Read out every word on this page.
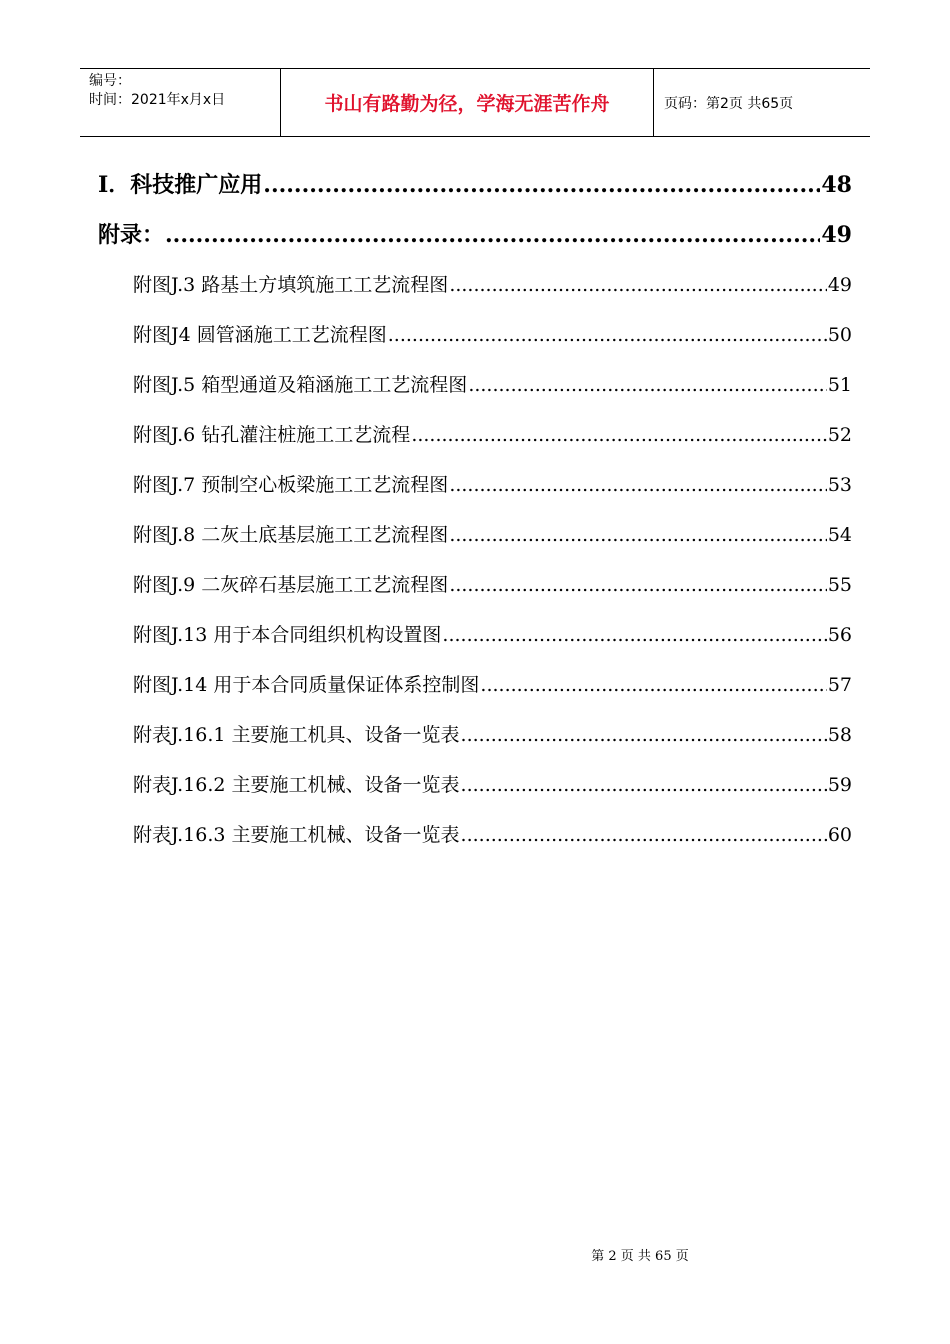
编号：
时间：2021年x月x日	书山有路勤为径，学海无涯苦作舟	页码：第2页 共65页
I．科技推广应用 .....	48
附录： .....	49
附图J.3 路基土方填筑施工工艺流程图 .....	49
附图J4 圆管涵施工工艺流程图 .....	50
附图J.5 箱型通道及箱涵施工工艺流程图 .....	51
附图J.6 钻孔灌注桩施工工艺流程 .....	52
附图J.7 预制空心板梁施工工艺流程图 .....	53
附图J.8 二灰土底基层施工工艺流程图 .....	54
附图J.9 二灰碎石基层施工工艺流程图 .....	55
附图J.13 用于本合同组织机构设置图 .....	56
附图J.14 用于本合同质量保证体系控制图 .....	57
附表J.16.1 主要施工机具、设备一览表 .....	58
附表J.16.2 主要施工机械、设备一览表 .....	59
附表J.16.3 主要施工机械、设备一览表 .....	60
第 2 页 共 65 页
